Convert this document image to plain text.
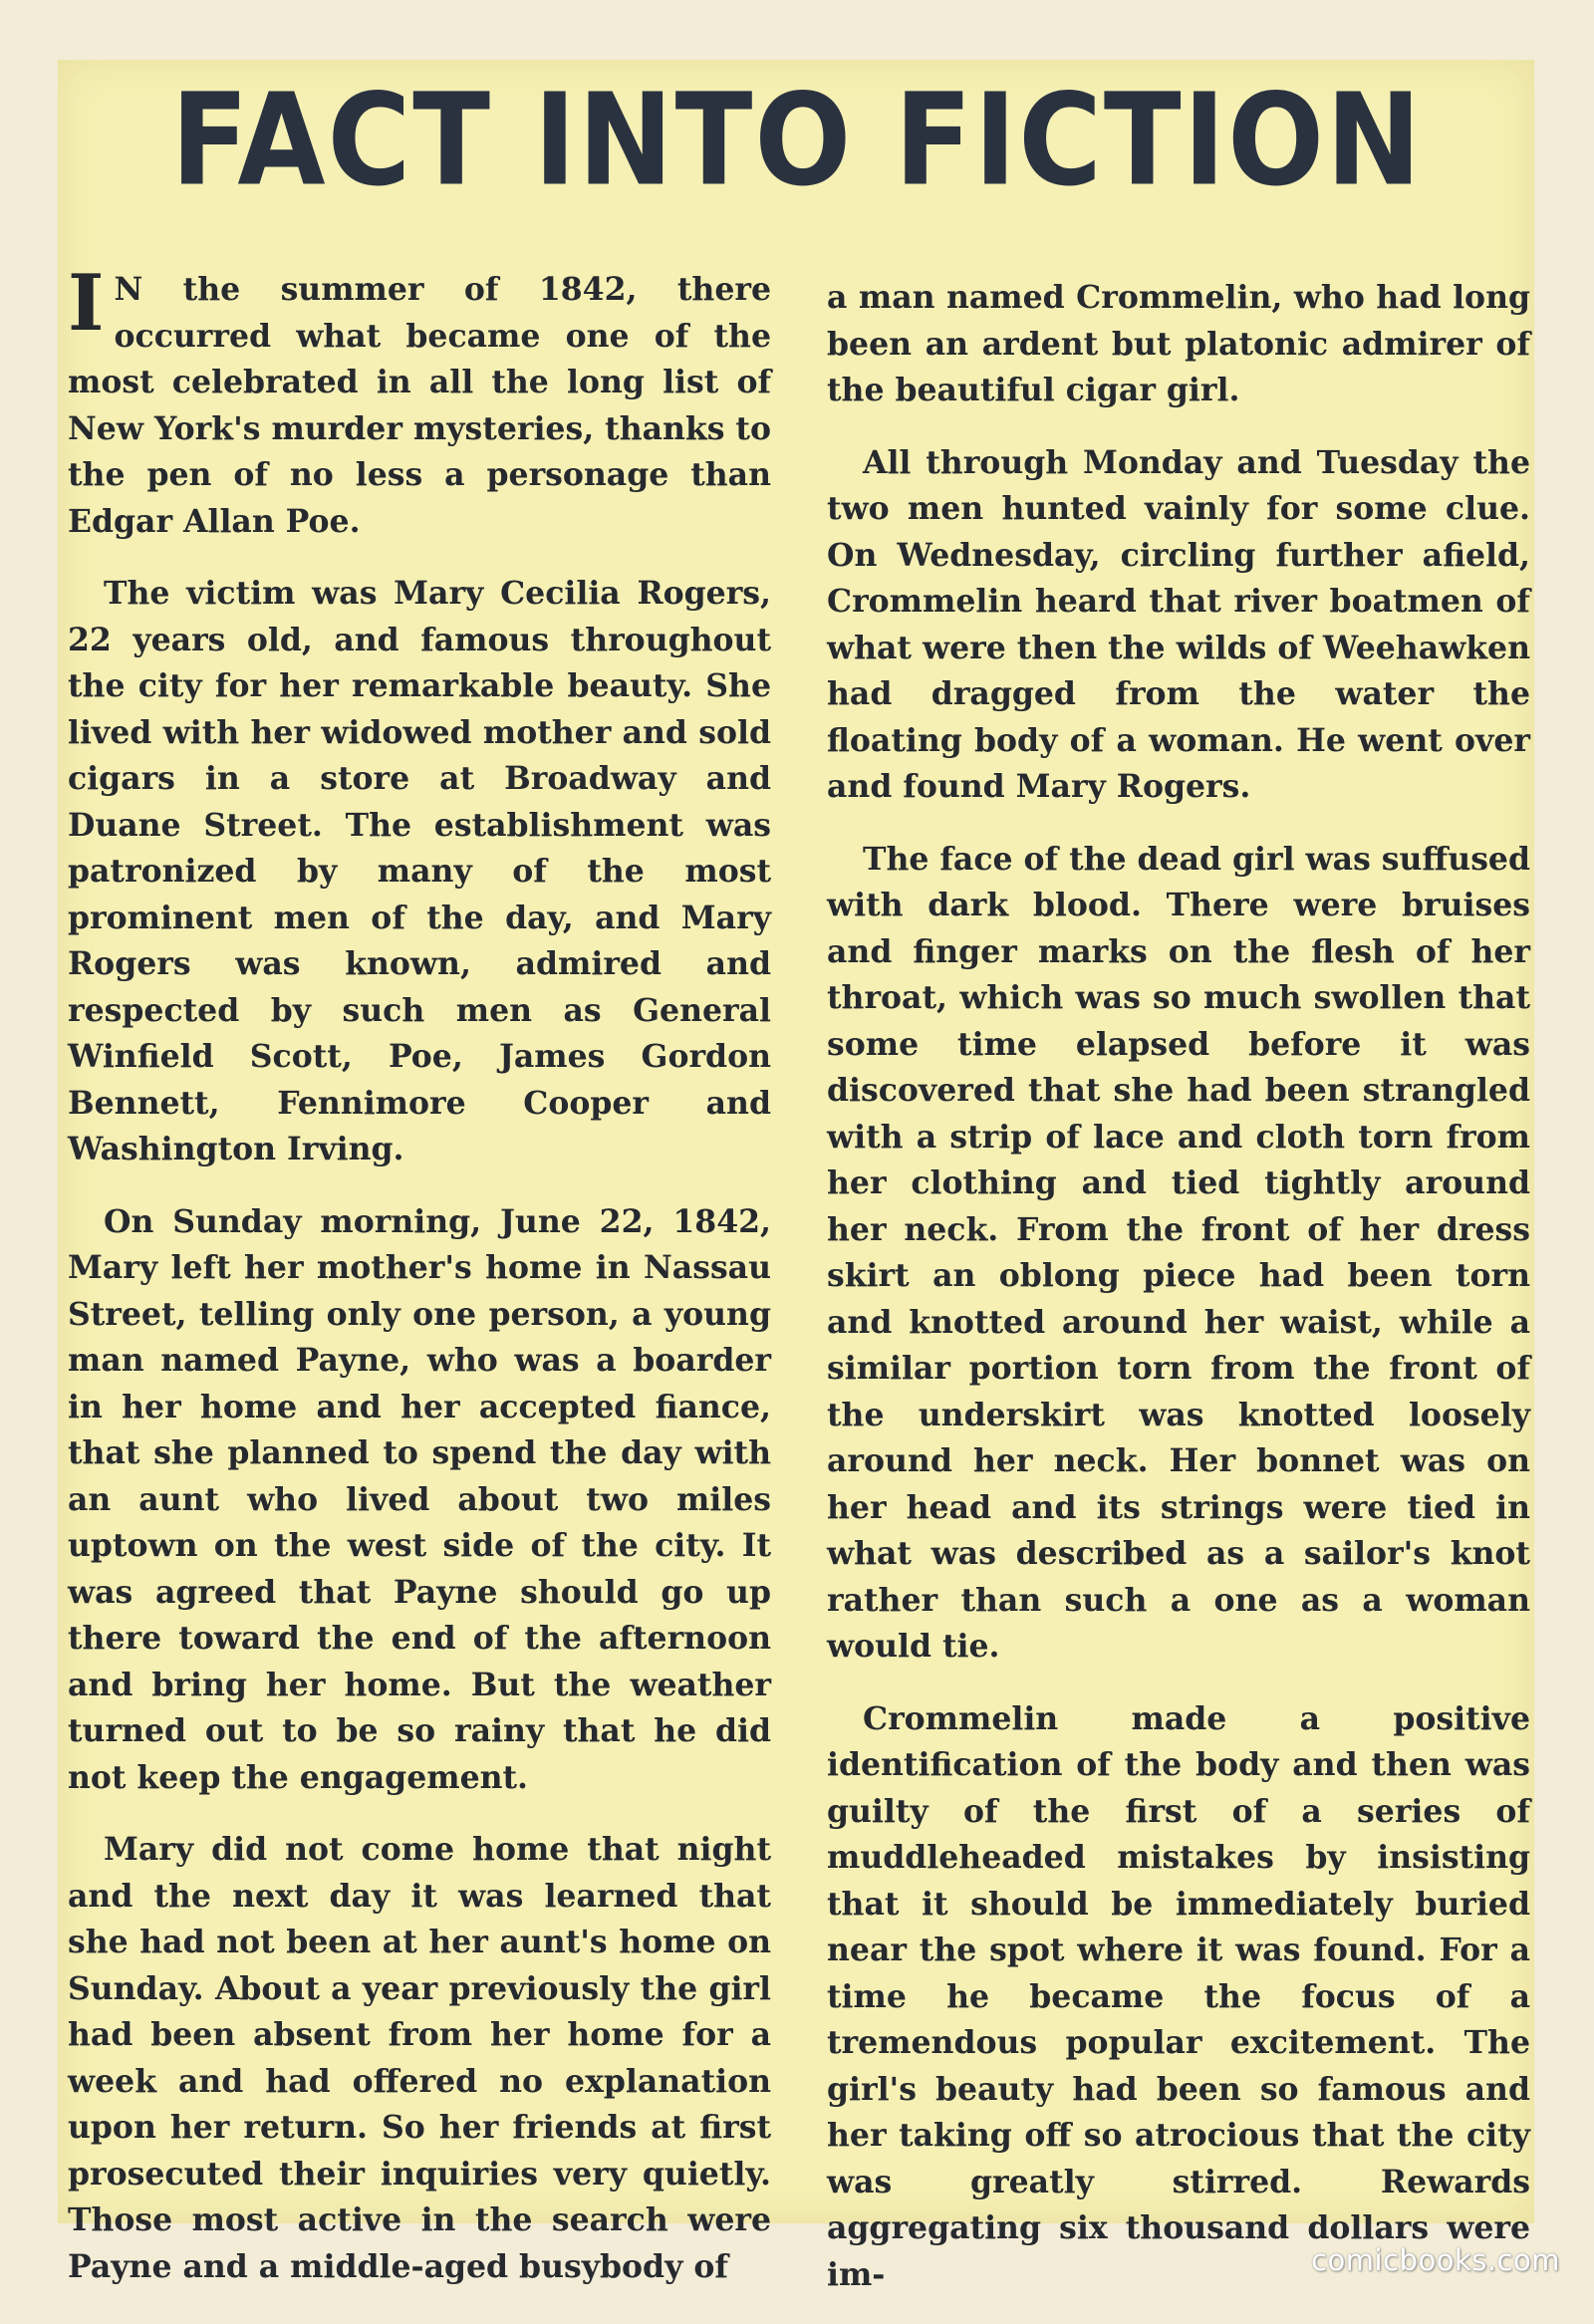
FACT INTO FICTION

I N the summer of 1842, there occurred what became one of the most celebrated in all the long list of New York's murder mysteries, thanks to the pen of no less a personage than Edgar Allan Poe.

The victim was Mary Cecilia Rogers, 22 years old, and famous throughout the city for her remarkable beauty. She lived with her widowed mother and sold cigars in a store at Broadway and Duane Street. The establishment was patronized by many of the most prominent men of the day, and Mary Rogers was known, admired and respected by such men as General Winfield Scott, Poe, James Gordon Bennett, Fennimore Cooper and Washington Irving.

On Sunday morning, June 22, 1842, Mary left her mother's home in Nassau Street, telling only one person, a young man named Payne, who was a boarder in her home and her accepted fiance, that she planned to spend the day with an aunt who lived about two miles uptown on the west side of the city. It was agreed that Payne should go up there toward the end of the afternoon and bring her home. But the weather turned out to be so rainy that he did not keep the engagement.

Mary did not come home that night and the next day it was learned that she had not been at her aunt's home on Sunday. About a year previously the girl had been absent from her home for a week and had offered no explanation upon her return. So her friends at first prosecuted their inquiries very quietly. Those most active in the search were Payne and a middle-aged busybody of

a man named Crommelin, who had long been an ardent but platonic admirer of the beautiful cigar girl.

All through Monday and Tuesday the two men hunted vainly for some clue. On Wednesday, circling further afield, Crommelin heard that river boatmen of what were then the wilds of Weehawken had dragged from the water the floating body of a woman. He went over and found Mary Rogers.

The face of the dead girl was suffused with dark blood. There were bruises and finger marks on the flesh of her throat, which was so much swollen that some time elapsed before it was discovered that she had been strangled with a strip of lace and cloth torn from her clothing and tied tightly around her neck. From the front of her dress skirt an oblong piece had been torn and knotted around her waist, while a similar portion torn from the front of the underskirt was knotted loosely around her neck. Her bonnet was on her head and its strings were tied in what was described as a sailor's knot rather than such a one as a woman would tie.

Crommelin made a positive identification of the body and then was guilty of the first of a series of muddleheaded mistakes by insisting that it should be immediately buried near the spot where it was found. For a time he became the focus of a tremendous popular excitement. The girl's beauty had been so famous and her taking off so atrocious that the city was greatly stirred. Rewards aggregating six thousand dollars were im-	comicbooks.com
